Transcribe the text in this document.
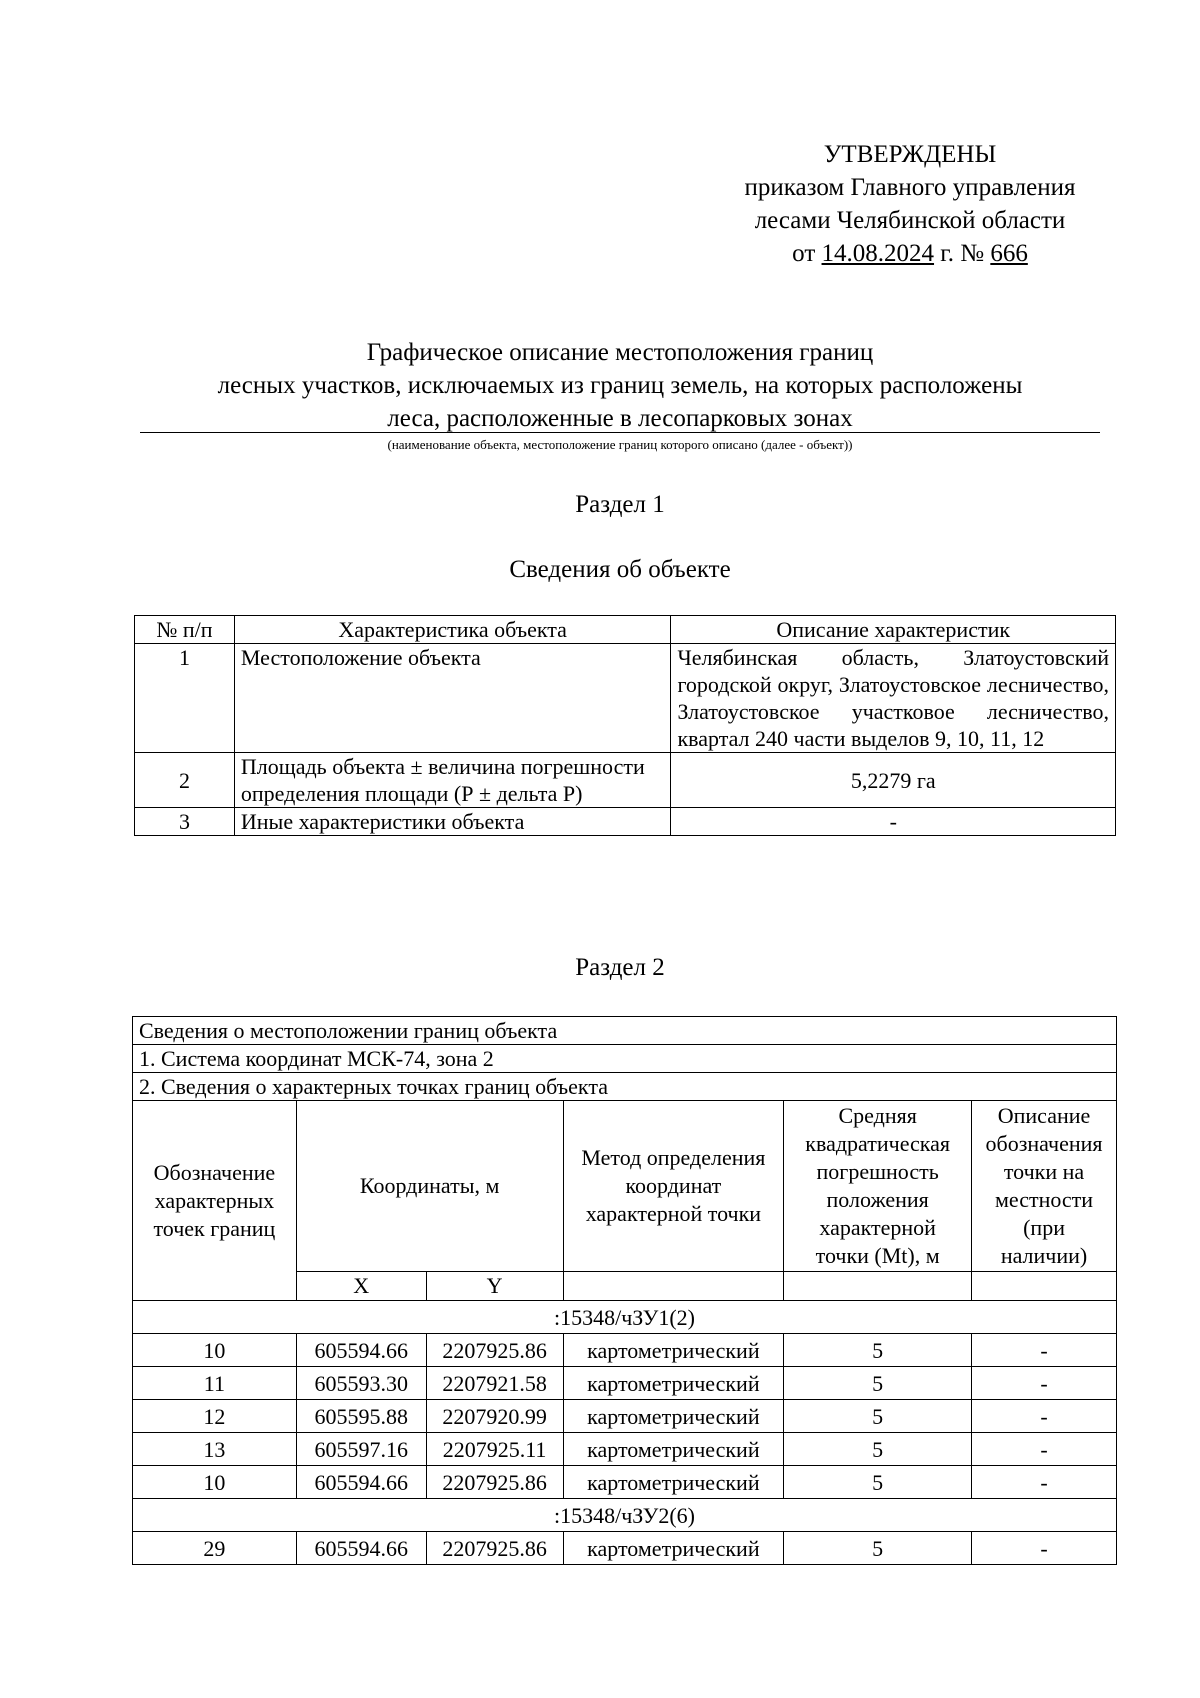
УТВЕРЖДЕНЫ
приказом Главного управления
лесами Челябинской области
от 14.08.2024 г. № 666
Графическое описание местоположения границ
лесных участков, исключаемых из границ земель, на которых расположены
леса, расположенные в лесопарковых зонах
(наименование объекта, местоположение границ которого описано (далее - объект))
Раздел 1
Сведения об объекте
№ п/п	Характеристика объекта	Описание характеристик
1	Местоположение объекта	Челябинская область, Златоустовский городской округ, Златоустовское лесничество, Златоустовское участковое лесничество, квартал 240 части выделов 9, 10, 11, 12
2	Площадь объекта ± величина погрешности определения площади (Р ± дельта Р)	5,2279 га
3	Иные характеристики объекта	-
Раздел 2
Сведения о местоположении границ объекта					
1. Система координат МСК-74, зона 2					
2. Сведения о характерных точках границ объекта					
Обозначение характерных точек границ	Координаты, м		Метод определения координат характерной точки	Средняя квадратическая погрешность положения характерной точки (Mt), м	Описание обозначения точки на местности (при наличии)
	X	Y			
:15348/чЗУ1(2)					
10	605594.66	2207925.86	картометрический	5	-
11	605593.30	2207921.58	картометрический	5	-
12	605595.88	2207920.99	картометрический	5	-
13	605597.16	2207925.11	картометрический	5	-
10	605594.66	2207925.86	картометрический	5	-
:15348/чЗУ2(6)					
29	605594.66	2207925.86	картометрический	5	-
